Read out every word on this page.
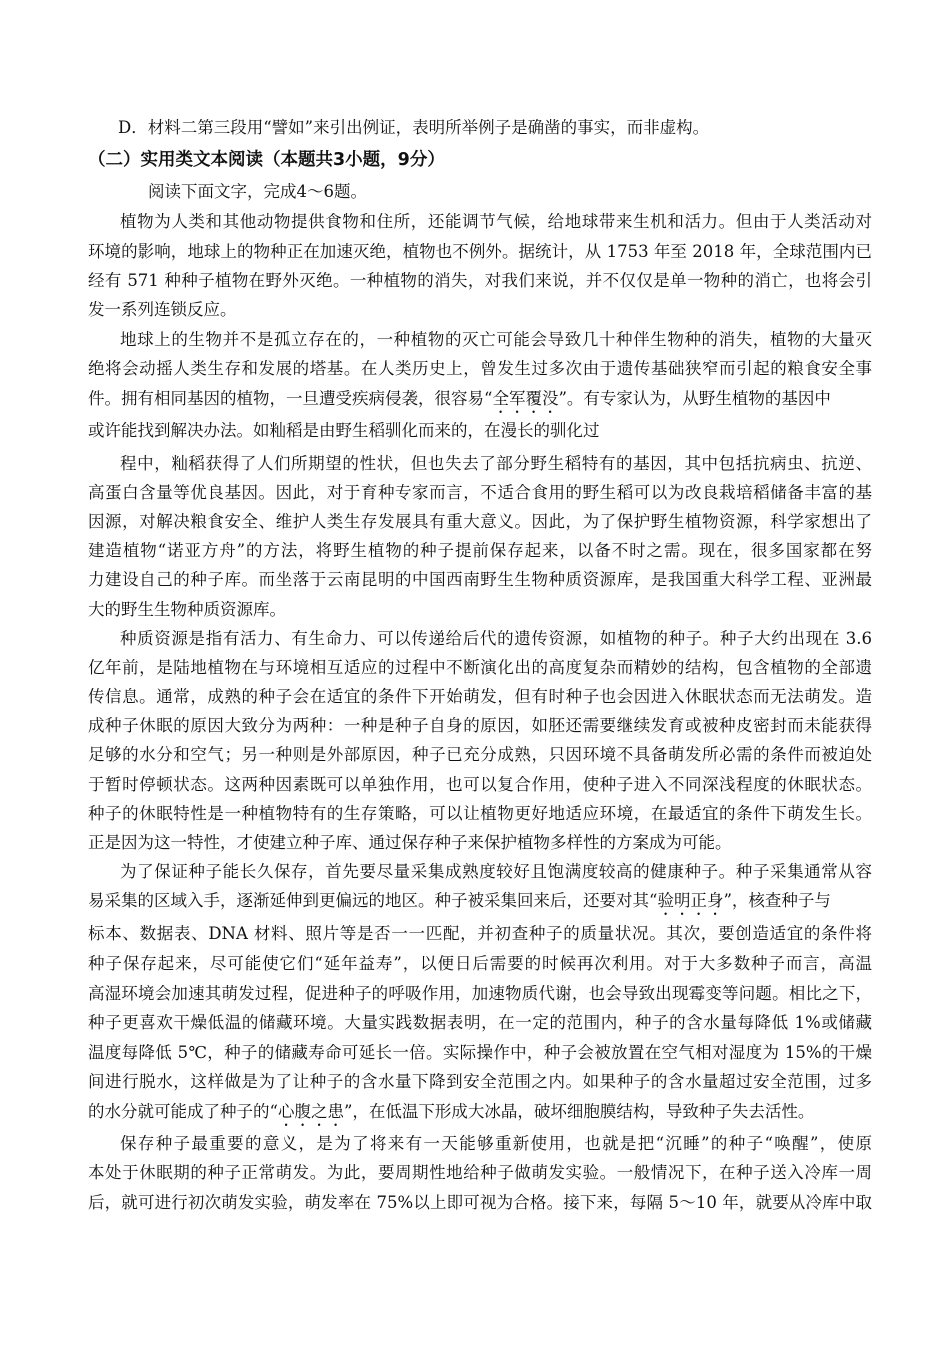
D．材料二第三段用“譬如”来引出例证，表明所举例子是确凿的事实，而非虚构。
（二）实用类文本阅读（本题共3小题，9分）
阅读下面文字，完成4～6题。
植物为人类和其他动物提供食物和住所，还能调节气候，给地球带来生机和活力。但由于人类活动对
环境的影响，地球上的物种正在加速灭绝，植物也不例外。据统计，从 1753 年至 2018 年，全球范围内已
经有 571 种种子植物在野外灭绝。一种植物的消失，对我们来说，并不仅仅是单一物种的消亡，也将会引
发一系列连锁反应。
地球上的生物并不是孤立存在的，一种植物的灭亡可能会导致几十种伴生物种的消失，植物的大量灭
绝将会动摇人类生存和发展的塔基。在人类历史上，曾发生过多次由于遗传基础狭窄而引起的粮食安全事
件。拥有相同基因的植物，一旦遭受疾病侵袭，很容易“全军覆没”。有专家认为，从野生植物的基因中
或许能找到解决办法。如籼稻是由野生稻驯化而来的，在漫长的驯化过
程中，籼稻获得了人们所期望的性状，但也失去了部分野生稻特有的基因，其中包括抗病虫、抗逆、
高蛋白含量等优良基因。因此，对于育种专家而言，不适合食用的野生稻可以为改良栽培稻储备丰富的基
因源，对解决粮食安全、维护人类生存发展具有重大意义。因此，为了保护野生植物资源，科学家想出了
建造植物“诺亚方舟”的方法，将野生植物的种子提前保存起来，以备不时之需。现在，很多国家都在努
力建设自己的种子库。而坐落于云南昆明的中国西南野生生物种质资源库，是我国重大科学工程、亚洲最
大的野生生物种质资源库。
种质资源是指有活力、有生命力、可以传递给后代的遗传资源，如植物的种子。种子大约出现在 3.6
亿年前，是陆地植物在与环境相互适应的过程中不断演化出的高度复杂而精妙的结构，包含植物的全部遗
传信息。通常，成熟的种子会在适宜的条件下开始萌发，但有时种子也会因进入休眠状态而无法萌发。造
成种子休眠的原因大致分为两种：一种是种子自身的原因，如胚还需要继续发育或被种皮密封而未能获得
足够的水分和空气；另一种则是外部原因，种子已充分成熟，只因环境不具备萌发所必需的条件而被迫处
于暂时停顿状态。这两种因素既可以单独作用，也可以复合作用，使种子进入不同深浅程度的休眠状态。
种子的休眠特性是一种植物特有的生存策略，可以让植物更好地适应环境，在最适宜的条件下萌发生长。
正是因为这一特性，才使建立种子库、通过保存种子来保护植物多样性的方案成为可能。
为了保证种子能长久保存，首先要尽量采集成熟度较好且饱满度较高的健康种子。种子采集通常从容
易采集的区域入手，逐渐延伸到更偏远的地区。种子被采集回来后，还要对其“验明正身”，核查种子与
标本、数据表、DNA 材料、照片等是否一一匹配，并初查种子的质量状况。其次，要创造适宜的条件将
种子保存起来，尽可能使它们“延年益寿”，以便日后需要的时候再次利用。对于大多数种子而言，高温
高湿环境会加速其萌发过程，促进种子的呼吸作用，加速物质代谢，也会导致出现霉变等问题。相比之下，
种子更喜欢干燥低温的储藏环境。大量实践数据表明，在一定的范围内，种子的含水量每降低 1%或储藏
温度每降低 5℃，种子的储藏寿命可延长一倍。实际操作中，种子会被放置在空气相对湿度为 15%的干燥
间进行脱水，这样做是为了让种子的含水量下降到安全范围之内。如果种子的含水量超过安全范围，过多
的水分就可能成了种子的“心腹之患”，在低温下形成大冰晶，破坏细胞膜结构，导致种子失去活性。
保存种子最重要的意义，是为了将来有一天能够重新使用，也就是把“沉睡”的种子“唤醒”，使原
本处于休眠期的种子正常萌发。为此，要周期性地给种子做萌发实验。一般情况下，在种子送入冷库一周
后，就可进行初次萌发实验，萌发率在 75%以上即可视为合格。接下来，每隔 5～10 年，就要从冷库中取
